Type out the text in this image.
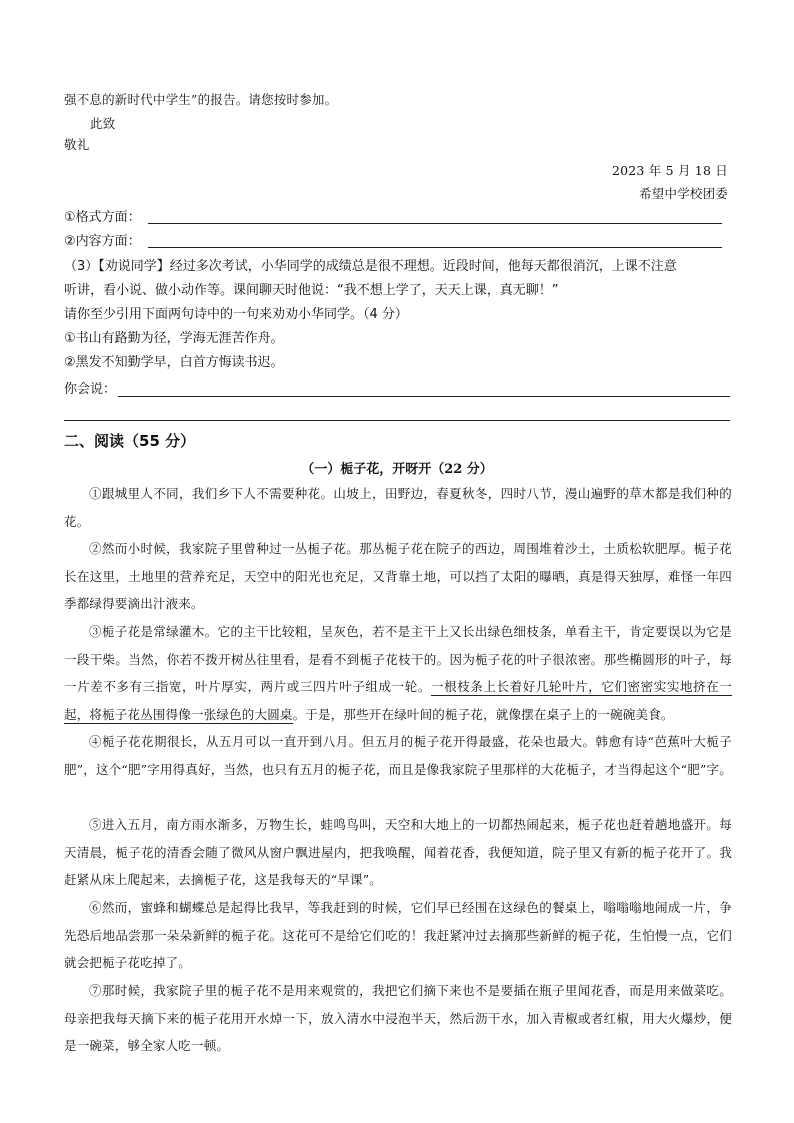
强不息的新时代中学生”的报告。请您按时参加。
此致
敬礼
2023 年 5 月 18 日
希望中学校团委
①格式方面：
②内容方面：
（3）【劝说同学】经过多次考试，小华同学的成绩总是很不理想。近段时间，他每天都很消沉，上课不注意
听讲，看小说、做小动作等。课间聊天时他说：“我不想上学了，天天上课，真无聊！”
请你至少引用下面两句诗中的一句来劝劝小华同学。（4 分）
①书山有路勤为径，学海无涯苦作舟。
②黑发不知勤学早，白首方悔读书迟。
你会说：
二、阅读（55 分）
（一）栀子花，开呀开（22 分）
①跟城里人不同，我们乡下人不需要种花。山坡上，田野边，春夏秋冬，四时八节，漫山遍野的草木都是我们种的花。
②然而小时候，我家院子里曾种过一丛栀子花。那丛栀子花在院子的西边，周围堆着沙土，土质松软肥厚。栀子花长在这里，土地里的营养充足，天空中的阳光也充足，又背靠土地，可以挡了太阳的曝晒，真是得天独厚，难怪一年四季都绿得要滴出汁液来。
③栀子花是常绿灌木。它的主干比较粗，呈灰色，若不是主干上又长出绿色细枝条，单看主干，肯定要误以为它是一段干柴。当然，你若不拨开树丛往里看，是看不到栀子花枝干的。因为栀子花的叶子很浓密。那些椭圆形的叶子，每一片差不多有三指宽，叶片厚实，两片或三四片叶子组成一轮。一根枝条上长着好几轮叶片，它们密密实实地挤在一起，将栀子花丛围得像一张绿色的大圆桌。于是，那些开在绿叶间的栀子花，就像摆在桌子上的一碗碗美食。
④栀子花花期很长，从五月可以一直开到八月。但五月的栀子花开得最盛，花朵也最大。韩愈有诗“芭蕉叶大栀子肥”，这个“肥”字用得真好，当然，也只有五月的栀子花，而且是像我家院子里那样的大花栀子，才当得起这个“肥”字。
⑤进入五月，南方雨水渐多，万物生长，蛙鸣鸟叫，天空和大地上的一切都热闹起来，栀子花也赶着趟地盛开。每天清晨，栀子花的清香会随了微风从窗户飘进屋内，把我唤醒，闻着花香，我便知道，院子里又有新的栀子花开了。我赶紧从床上爬起来，去摘栀子花，这是我每天的“早课”。
⑥然而，蜜蜂和蝴蝶总是起得比我早，等我赶到的时候，它们早已经围在这绿色的餐桌上，嗡嗡嗡地闹成一片，争先恐后地品尝那一朵朵新鲜的栀子花。这花可不是给它们吃的！我赶紧冲过去摘那些新鲜的栀子花，生怕慢一点，它们就会把栀子花吃掉了。
⑦那时候，我家院子里的栀子花不是用来观赏的，我把它们摘下来也不是要插在瓶子里闻花香，而是用来做菜吃。母亲把我每天摘下来的栀子花用开水焯一下，放入清水中浸泡半天，然后沥干水，加入青椒或者红椒，用大火爆炒，便是一碗菜，够全家人吃一顿。
